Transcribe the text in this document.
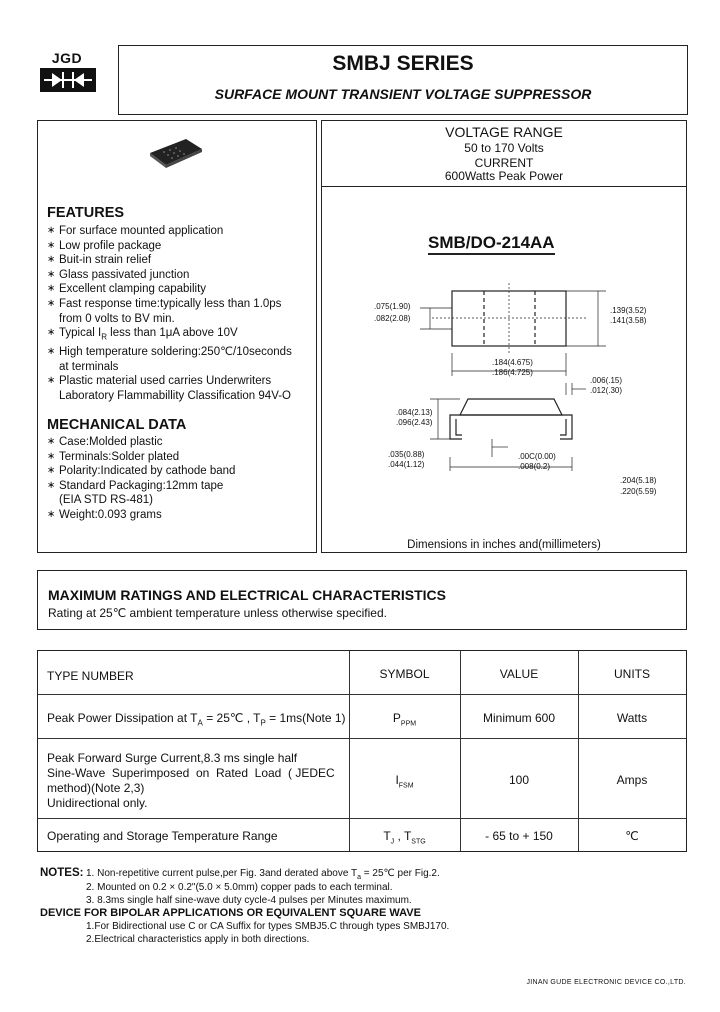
JGD	SMBJ SERIES
SURFACE MOUNT TRANSIENT VOLTAGE SUPPRESSOR
FEATURES
∗ For surface mounted application
∗ Low profile package
∗ Buit-in strain relief
∗ Glass passivated junction
∗ Excellent clamping capability
∗ Fast response time:typically less than 1.0ps
from 0 volts to BV min.
∗ Typical $I_R$ less than 1μA above 10V
∗ High temperature soldering:250℃/10seconds
at terminals
∗ Plastic material used carries Underwriters
Laboratory Flammabillity Classification 94V-O
MECHANICAL DATA
∗ Case:Molded plastic
∗ Terminals:Solder plated
∗ Polarity:Indicated by cathode band
∗ Standard Packaging:12mm tape
(EIA STD RS-481)
∗ Weight:0.093 grams
VOLTAGE RANGE
50 to 170 Volts
CURRENT
600Watts Peak Power
SMB/DO-214AA
.075(1.90)
.082(2.08)
.139(3.52)
.141(3.58)
.184(4.675)
.186(4.725)
.006(.15)
.012(.30)
.084(2.13)
.096(2.43)
.035(0.88)
.044(1.12)
.00C(0.00)
.008(0.2)
.204(5.18)
.220(5.59)
Dimensions in inches and(millimeters)
MAXIMUM RATINGS AND ELECTRICAL CHARACTERISTICS
Rating at 25℃ ambient temperature unless otherwise specified.
TYPE NUMBER	SYMBOL	VALUE	UNITS
Peak Power Dissipation at $T_A$ = 25℃ , $T_P$ = 1ms(Note 1)	$P_{PPM}$	Minimum 600	Watts
Peak Forward Surge Current,8.3 ms single half
Sine-Wave  Superimposed  on  Rated  Load  ( JEDEC
method)(Note 2,3)
Unidirectional only.
$I_{FSM}$	100	Amps
Operating and Storage Temperature Range	$T_J$ , $T_{STG}$	- 65 to + 150	℃
NOTES: 1. Non-repetitive current pulse,per Fig. 3and derated above $T_a$ = 25℃ per Fig.2.
2. Mounted on 0.2 × 0.2"(5.0 × 5.0mm) copper pads to each terminal.
3. 8.3ms single half sine-wave duty cycle-4 pulses per Minutes maximum.
DEVICE FOR BIPOLAR APPLICATIONS OR EQUIVALENT SQUARE WAVE
1.For Bidirectional use C or CA Suffix for types SMBJ5.C through types SMBJ170.
2.Electrical characteristics apply in both directions.
JINAN GUDE ELECTRONIC DEVICE CO.,LTD.
